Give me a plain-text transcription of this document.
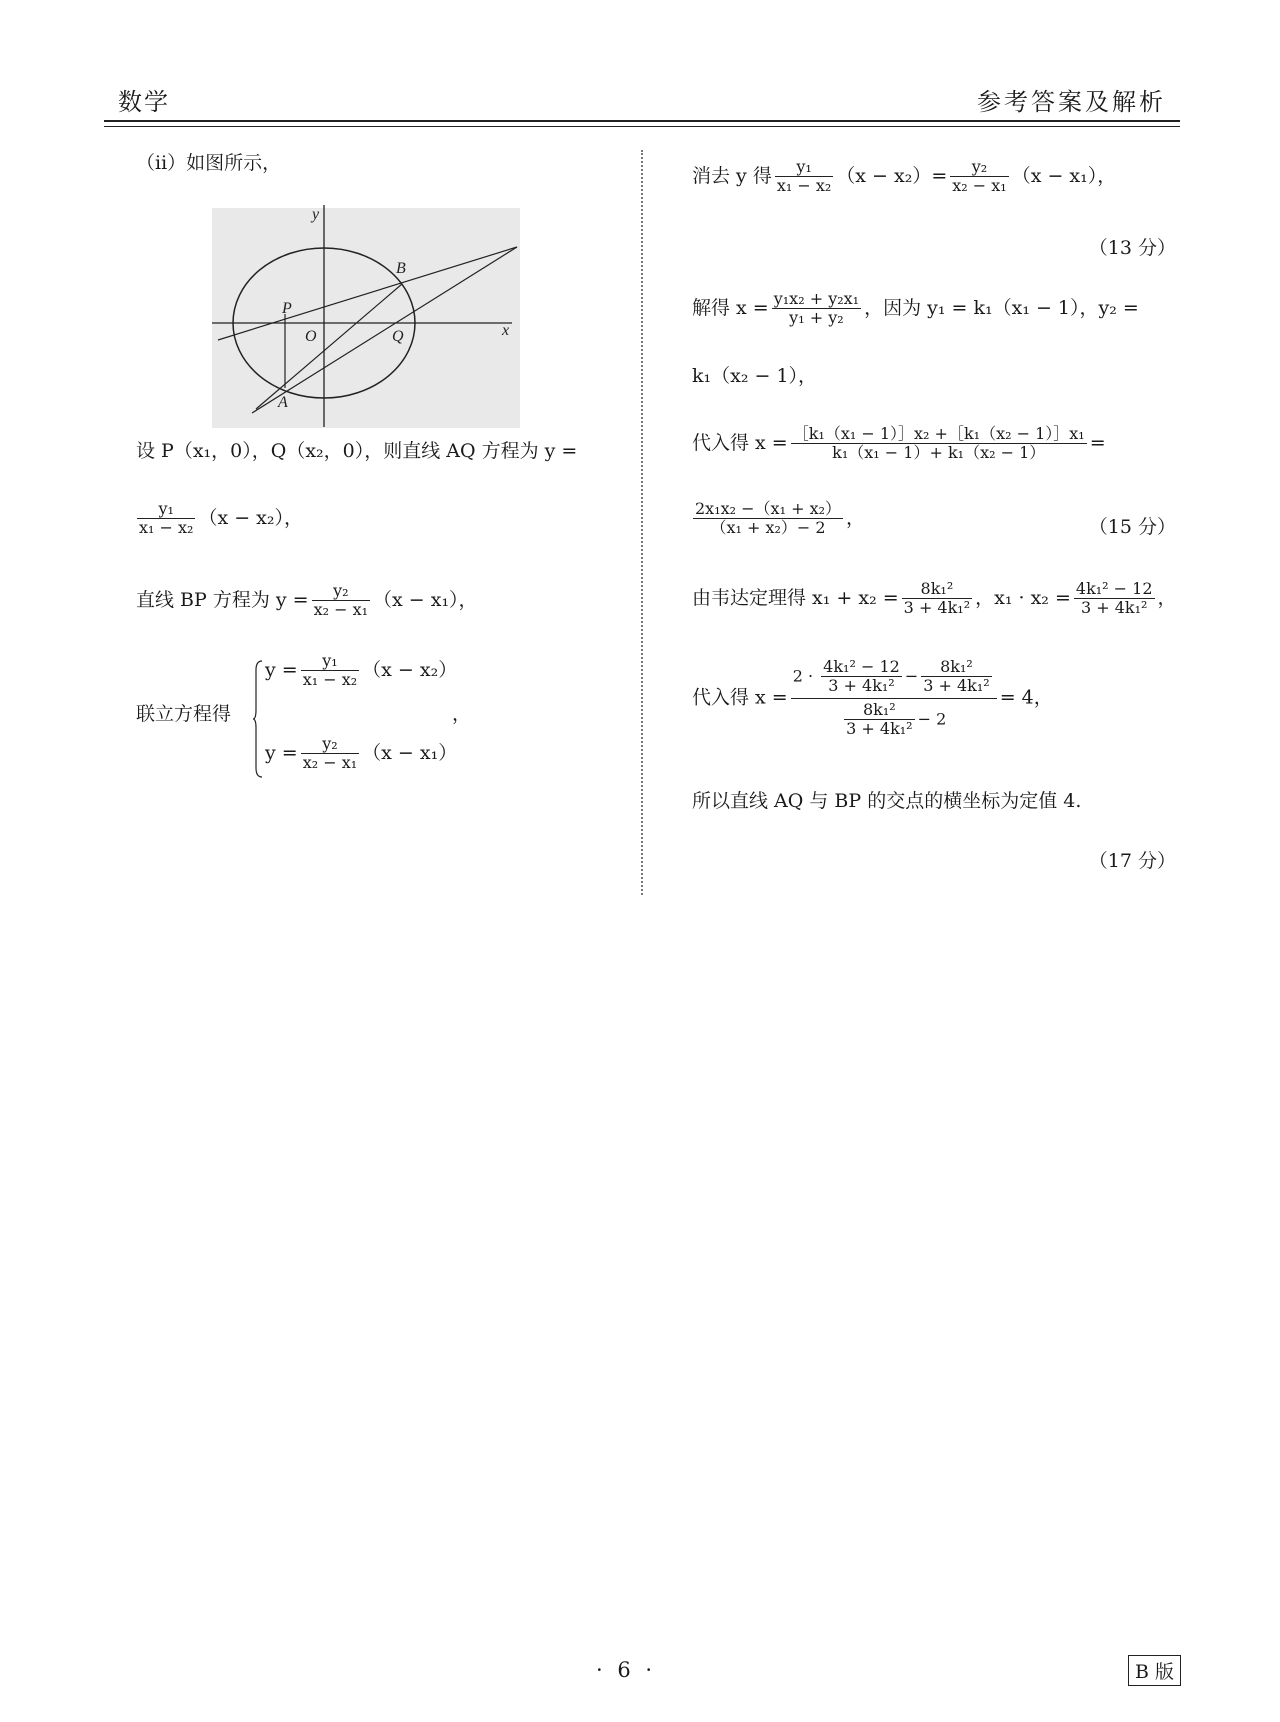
数学	参考答案及解析
（ⅱ）如图所示，
y
x
P
O	Q
B
A
设 P（x₁，0），Q（x₂，0），则直线 AQ 方程为 y =
$\frac{\text{y₁}}{\text{x₁ − x₂}} (x - x_2)$，
直线 BP 方程为 $y = \frac{\text{y₂}}{\text{x₂ − x₁}} (x - x_1)$，
联立方程得
$y = \frac{\text{y₁}}{\text{x₁ − x₂}} (x - x_2)$
，
$y = \frac{\text{y₂}}{\text{x₂ − x₁}} (x - x_1)$
消去 y 得 $\frac{\text{y₁}}{\text{x₁ − x₂}} (x - x_2)= \frac{\text{y₂}}{\text{x₂ − x₁}} (x - x_1)$，
（13 分）
解得 $x = \frac{\text{y₁x₂ + y₂x₁}}{\text{y₁ + y₂}}$ ，因为 y₁ = k₁（x₁ − 1），y₂ =
k₁（x₂ − 1），
代入得 $x = \frac{\text{［k₁（x₁ − 1）］x₂ +［k₁（x₂ − 1）］x₁}}{\text{k₁（x₁ − 1）+ k₁（x₂ − 1）}}$ =
$\frac{\text{2x₁x₂ −（x₁ + x₂）}}{\text{（x₁ + x₂）− 2}}$ ，	（15 分）
由韦达定理得 $x_1 + x_2 = \frac{\text{8k₁²}}{\text{3 + 4k₁²}}$ ，$x_1 \cdot x_2 = \frac{\text{4k₁² − 12}}{\text{3 + 4k₁²}}$ ，
代入得 $x = \frac{2 \cdot \frac{\text{4k₁² − 12}}{\text{3 + 4k₁²}} - \frac{\text{8k₁²}}{\text{3 + 4k₁²}}}{\frac{\text{8k₁²}}{\text{3 + 4k₁²}} - 2} = 4$，
所以直线 AQ 与 BP 的交点的横坐标为定值 4.
（17 分）
· 6 ·	B 版
